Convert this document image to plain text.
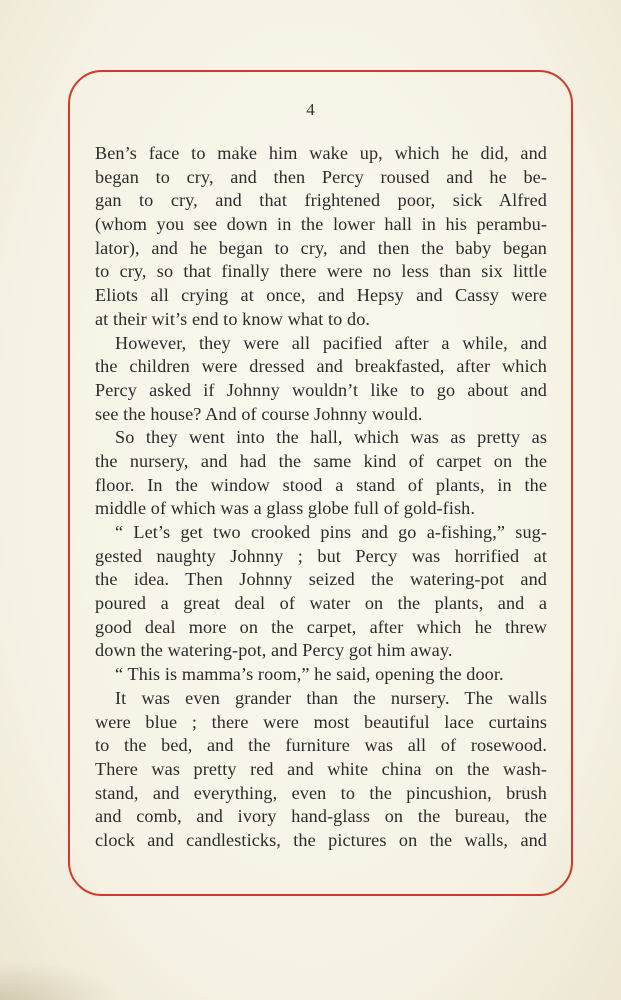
4
Ben’s face to make him wake up, which he did, and
began to cry, and then Percy roused and he be-
gan to cry, and that frightened poor, sick Alfred
(whom you see down in the lower hall in his perambu-
lator), and he began to cry, and then the baby began
to cry, so that finally there were no less than six little
Eliots all crying at once, and Hepsy and Cassy were
at their wit’s end to know what to do.
However, they were all pacified after a while, and
the children were dressed and breakfasted, after which
Percy asked if Johnny wouldn’t like to go about and
see the house? And of course Johnny would.
So they went into the hall, which was as pretty as
the nursery, and had the same kind of carpet on the
floor. In the window stood a stand of plants, in the
middle of which was a glass globe full of gold-fish.
“ Let’s get two crooked pins and go a-fishing,” sug-
gested naughty Johnny ; but Percy was horrified at
the idea. Then Johnny seized the watering-pot and
poured a great deal of water on the plants, and a
good deal more on the carpet, after which he threw
down the watering-pot, and Percy got him away.
“ This is mamma’s room,” he said, opening the door.
It was even grander than the nursery. The walls
were blue ; there were most beautiful lace curtains
to the bed, and the furniture was all of rosewood.
There was pretty red and white china on the wash-
stand, and everything, even to the pincushion, brush
and comb, and ivory hand-glass on the bureau, the
clock and candlesticks, the pictures on the walls, and
